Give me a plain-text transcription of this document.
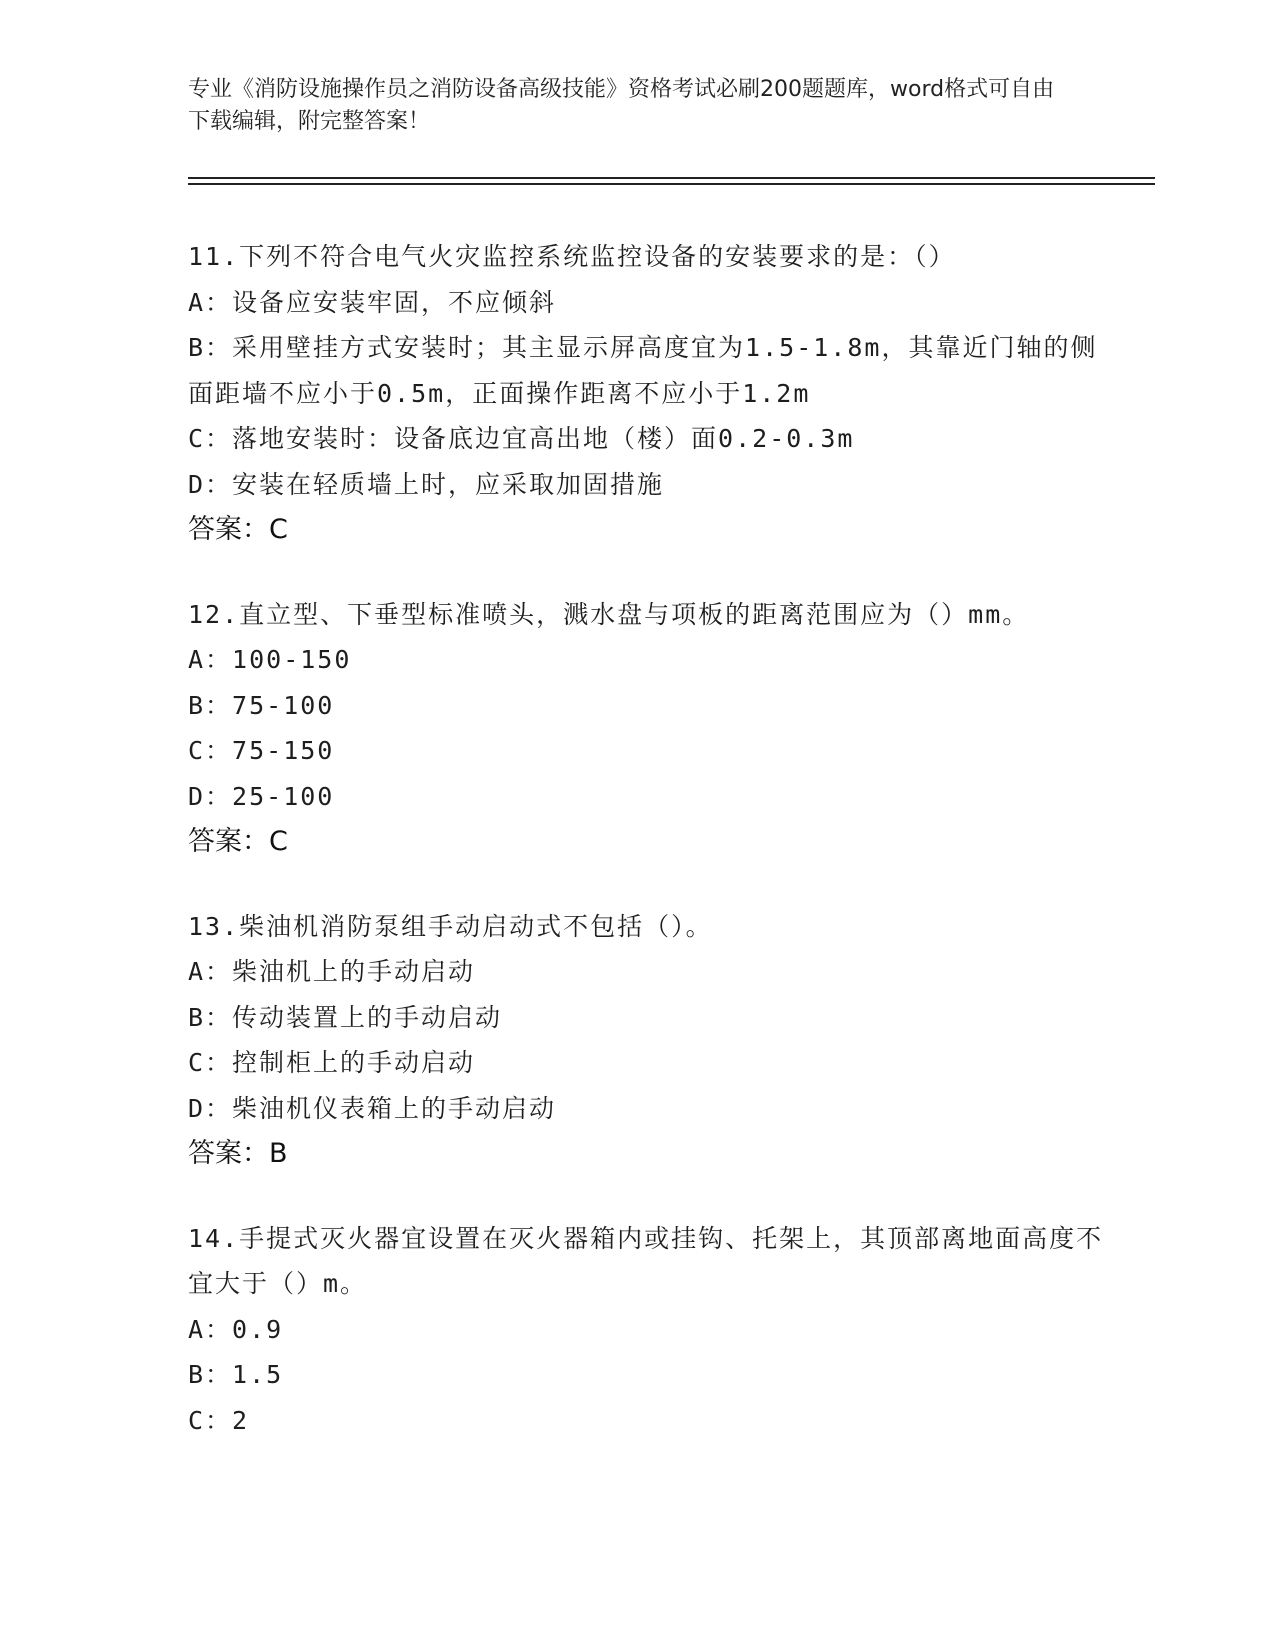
专业《消防设施操作员之消防设备高级技能》资格考试必刷200题题库，word格式可自由下载编辑，附完整答案！
11.下列不符合电气火灾监控系统监控设备的安装要求的是：（）
A：设备应安装牢固，不应倾斜
B：采用壁挂方式安装时；其主显示屏高度宜为1.5-1.8m，其靠近门轴的侧面距墙不应小于0.5m，正面操作距离不应小于1.2m
C：落地安装时：设备底边宜高出地（楼）面0.2-0.3m
D：安装在轻质墙上时，应采取加固措施
答案：C
12.直立型、下垂型标准喷头，溅水盘与项板的距离范围应为（）mm。
A：100-150
B：75-100
C：75-150
D：25-100
答案：C
13.柴油机消防泵组手动启动式不包括（）。
A：柴油机上的手动启动
B：传动装置上的手动启动
C：控制柜上的手动启动
D：柴油机仪表箱上的手动启动
答案：B
14.手提式灭火器宜设置在灭火器箱内或挂钩、托架上，其顶部离地面高度不宜大于（）m。
A：0.9
B：1.5
C：2
